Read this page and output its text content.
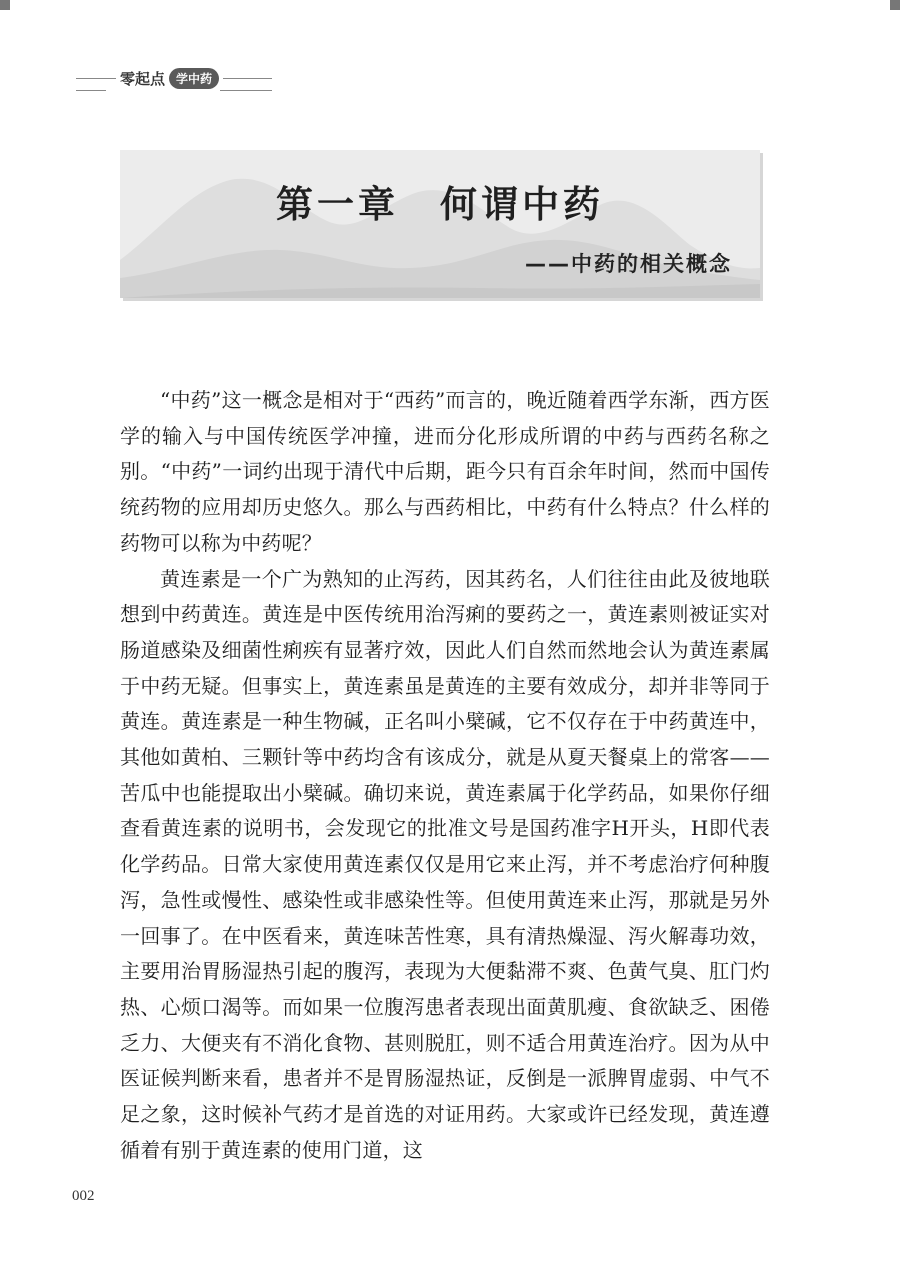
零起点 学中药
第一章　何谓中药
——中药的相关概念

“中药”这一概念是相对于“西药”而言的，晚近随着西学东渐，西方医学的输入与中国传统医学冲撞，进而分化形成所谓的中药与西药名称之别。“中药”一词约出现于清代中后期，距今只有百余年时间，然而中国传统药物的应用却历史悠久。那么与西药相比，中药有什么特点？什么样的药物可以称为中药呢？

黄连素是一个广为熟知的止泻药，因其药名，人们往往由此及彼地联想到中药黄连。黄连是中医传统用治泻痢的要药之一，黄连素则被证实对肠道感染及细菌性痢疾有显著疗效，因此人们自然而然地会认为黄连素属于中药无疑。但事实上，黄连素虽是黄连的主要有效成分，却并非等同于黄连。黄连素是一种生物碱，正名叫小檗碱，它不仅存在于中药黄连中，其他如黄柏、三颗针等中药均含有该成分，就是从夏天餐桌上的常客——苦瓜中也能提取出小檗碱。确切来说，黄连素属于化学药品，如果你仔细查看黄连素的说明书，会发现它的批准文号是国药准字H开头，H即代表化学药品。日常大家使用黄连素仅仅是用它来止泻，并不考虑治疗何种腹泻，急性或慢性、感染性或非感染性等。但使用黄连来止泻，那就是另外一回事了。在中医看来，黄连味苦性寒，具有清热燥湿、泻火解毒功效，主要用治胃肠湿热引起的腹泻，表现为大便黏滞不爽、色黄气臭、肛门灼热、心烦口渴等。而如果一位腹泻患者表现出面黄肌瘦、食欲缺乏、困倦乏力、大便夹有不消化食物、甚则脱肛，则不适合用黄连治疗。因为从中医证候判断来看，患者并不是胃肠湿热证，反倒是一派脾胃虚弱、中气不足之象，这时候补气药才是首选的对证用药。大家或许已经发现，黄连遵循着有别于黄连素的使用门道，这

002
